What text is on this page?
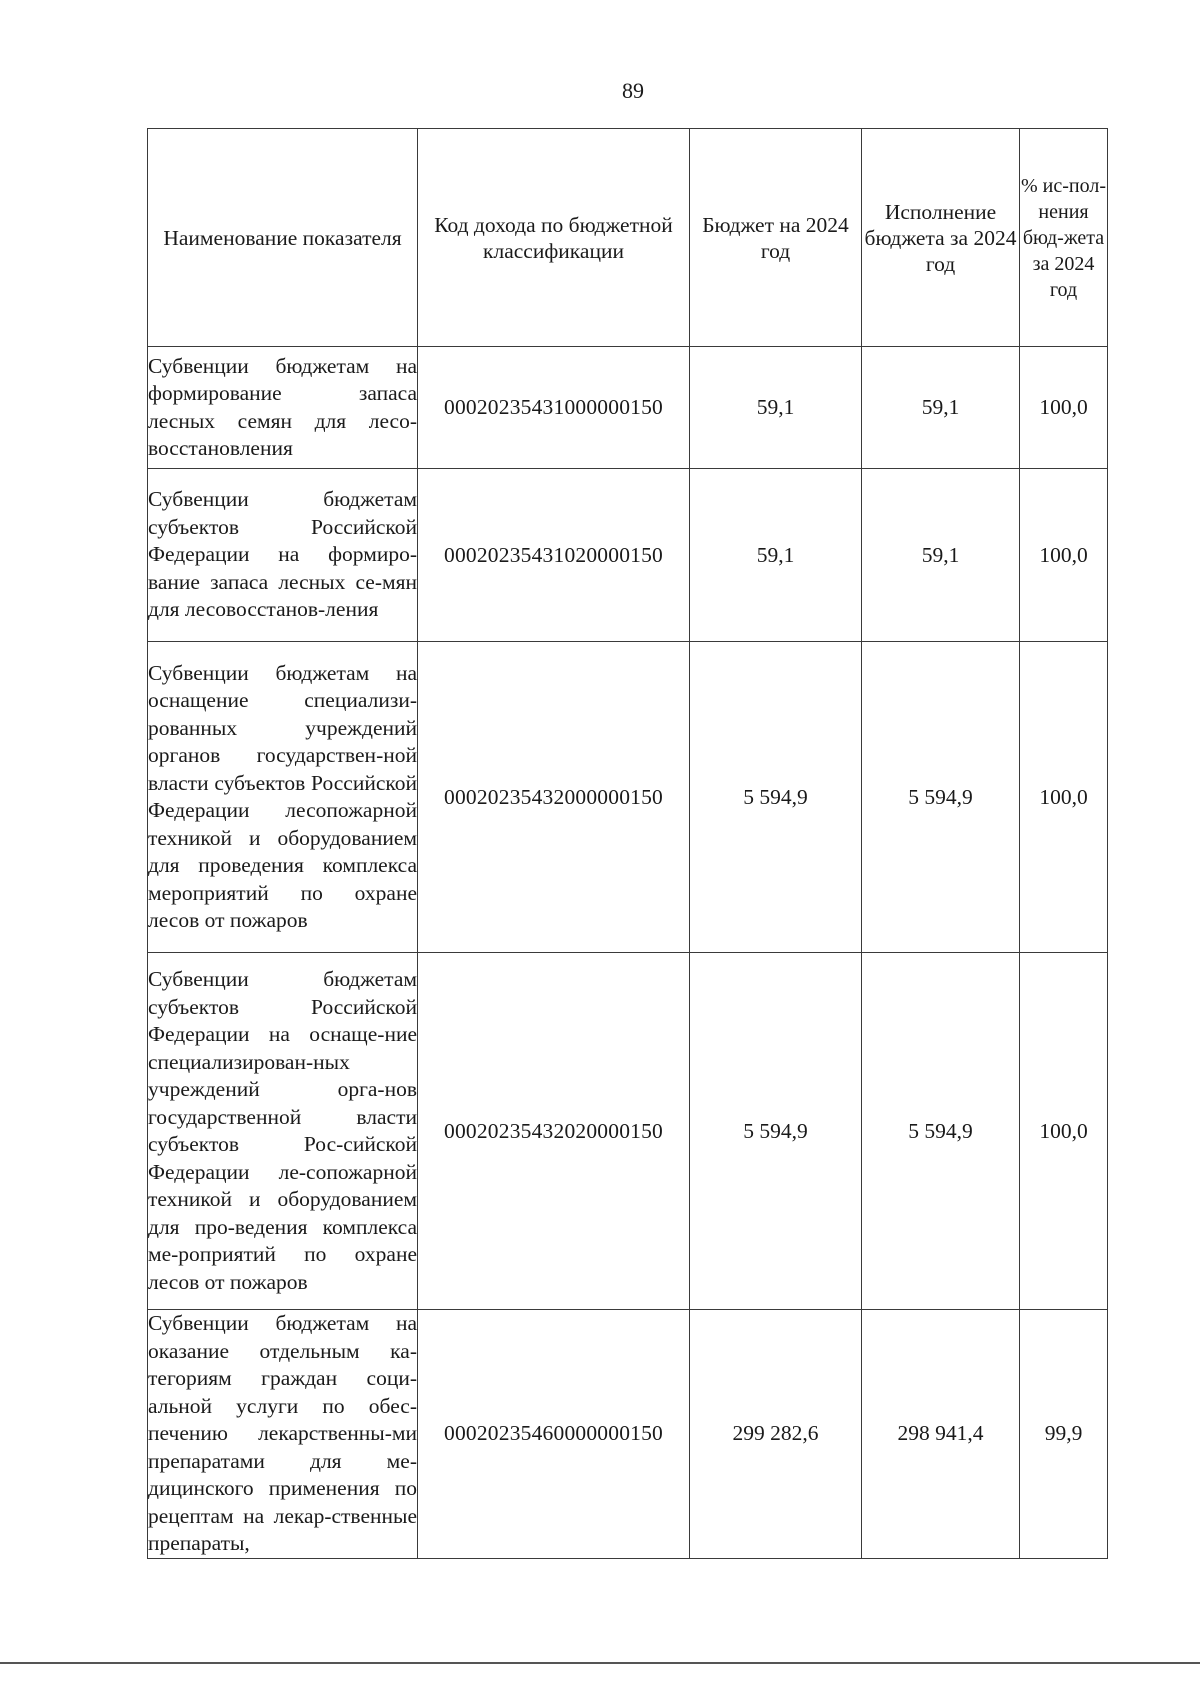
89
Наименование показателя	Код дохода по бюджетной классификации	Бюджет на 2024 год	Исполнение бюджета за 2024 год	% ис-пол-нения бюд-жета за 2024 год
Субвенции бюджетам на формирование запаса лесных семян для лесо-восстановления	00020235431000000150	59,1	59,1	100,0
Субвенции бюджетам субъектов Российской Федерации на формиро-вание запаса лесных се-мян для лесовосстанов-ления	00020235431020000150	59,1	59,1	100,0
Субвенции бюджетам на оснащение специализи-рованных учреждений органов государствен-ной власти субъектов Российской Федерации лесопожарной техникой и оборудованием для проведения комплекса мероприятий по охране лесов от пожаров	00020235432000000150	5 594,9	5 594,9	100,0
Субвенции бюджетам субъектов Российской Федерации на оснаще-ние специализирован-ных учреждений орга-нов государственной власти субъектов Рос-сийской Федерации ле-сопожарной техникой и оборудованием для про-ведения комплекса ме-роприятий по охране лесов от пожаров	00020235432020000150	5 594,9	5 594,9	100,0
Субвенции бюджетам на оказание отдельным ка-тегориям граждан соци-альной услуги по обес-печению лекарственны-ми препаратами для ме-дицинского применения по рецептам на лекар-ственные препараты,	00020235460000000150	299 282,6	298 941,4	99,9
